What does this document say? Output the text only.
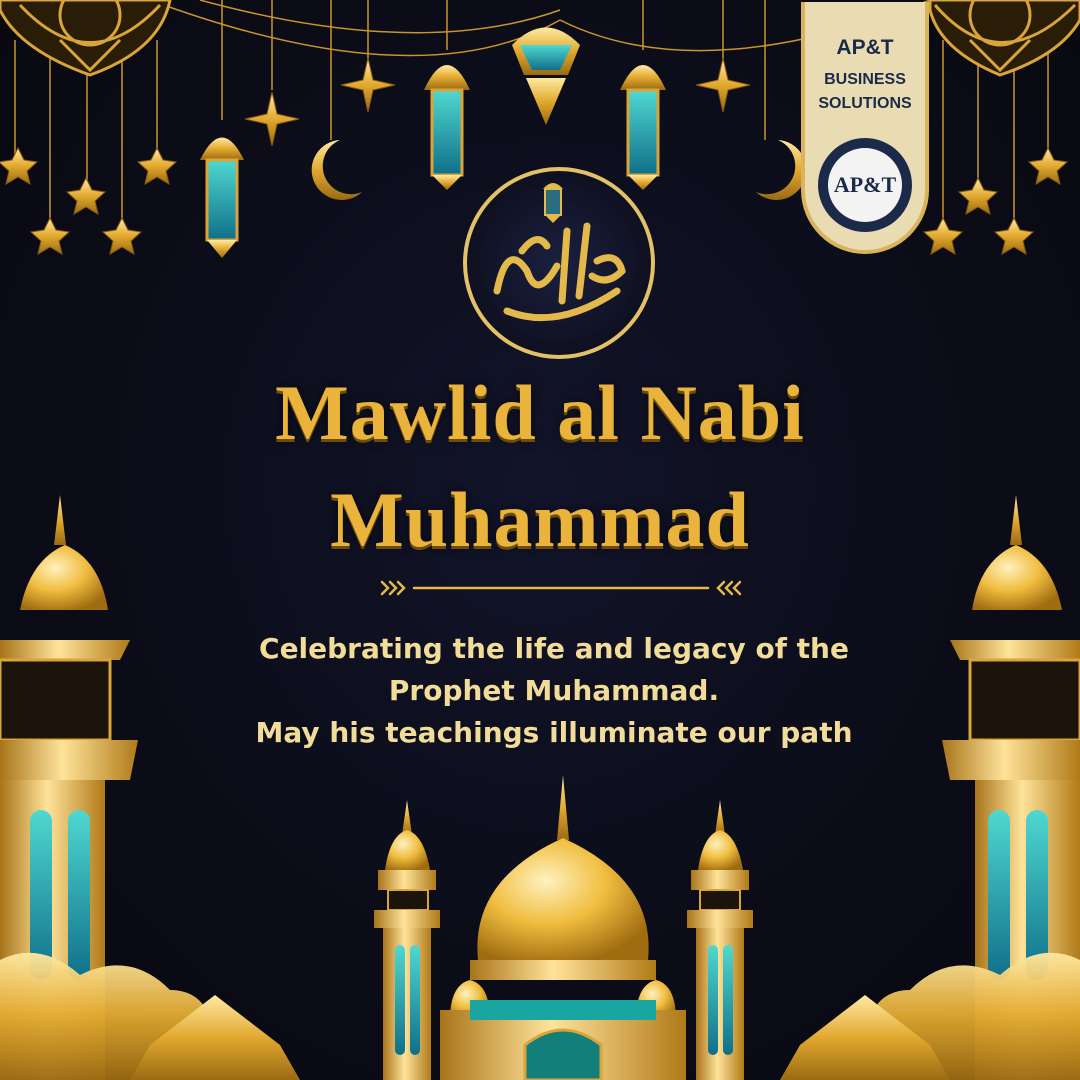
AP&T
BUSINESS
SOLUTIONS
AP&T
Mawlid al Nabi
Muhammad
Celebrating the life and legacy of the
Prophet Muhammad.
May his teachings illuminate our path
